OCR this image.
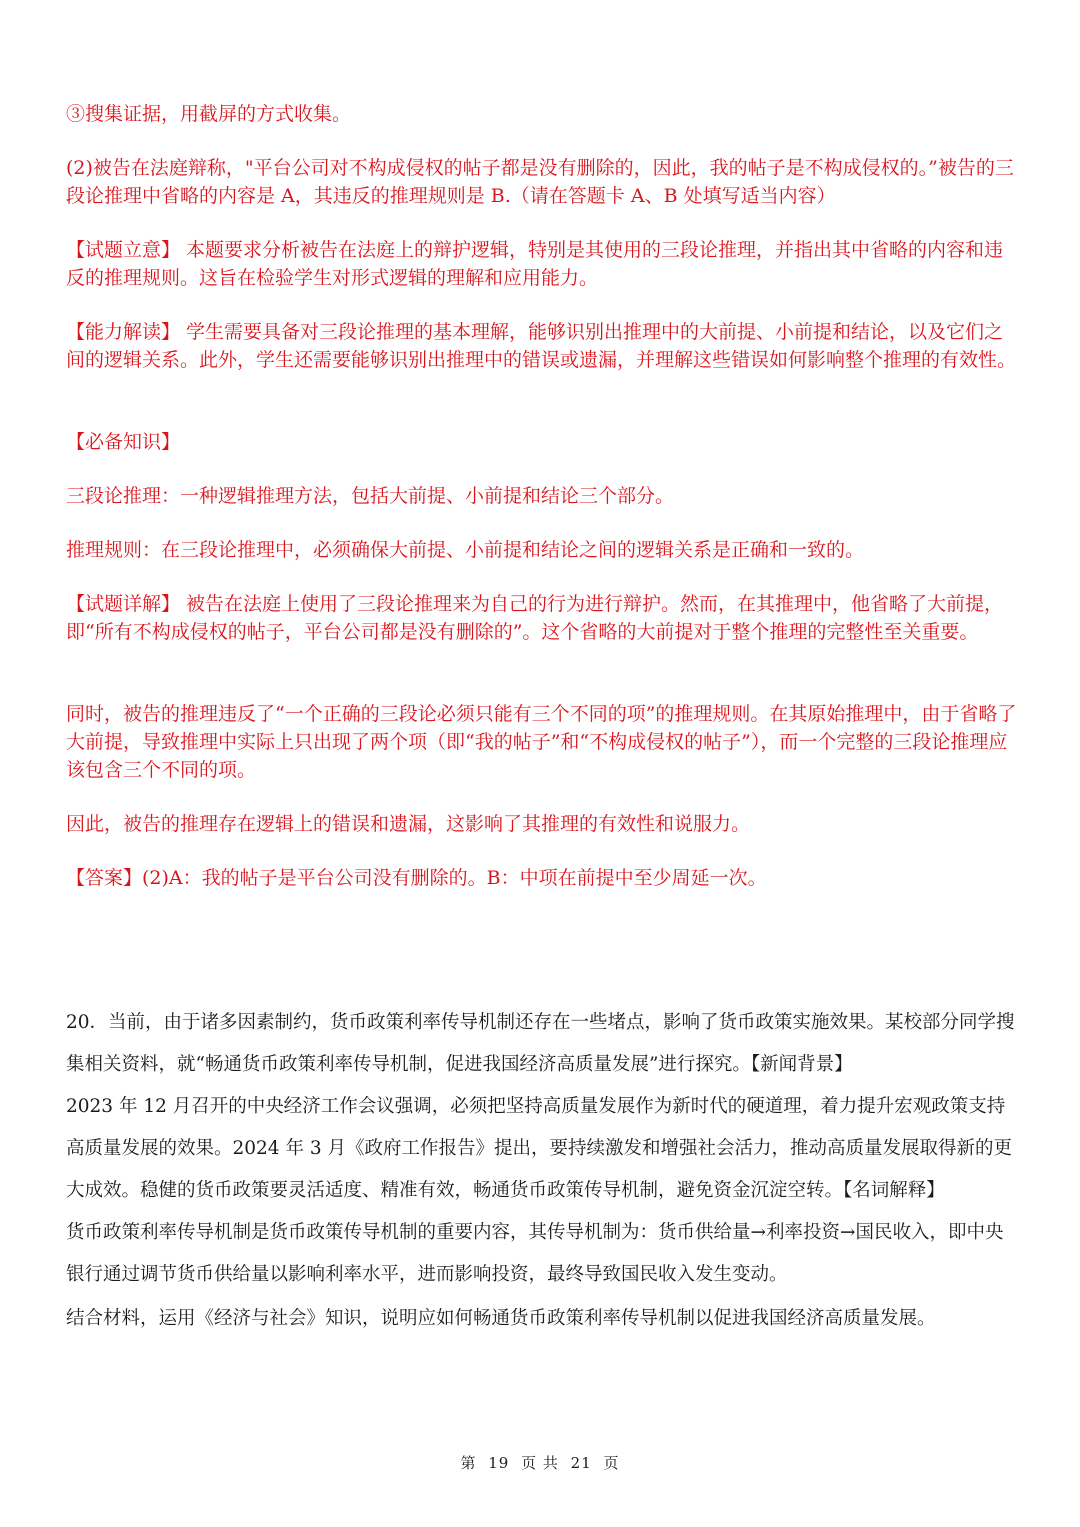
③搜集证据，用截屏的方式收集。

(2)被告在法庭辩称，"平台公司对不构成侵权的帖子都是没有删除的，因此，我的帖子是不构成侵权的。”被告的三段论推理中省略的内容是 A，其违反的推理规则是 B.（请在答题卡 A、B 处填写适当内容）

【试题立意】 本题要求分析被告在法庭上的辩护逻辑，特别是其使用的三段论推理，并指出其中省略的内容和违反的推理规则。这旨在检验学生对形式逻辑的理解和应用能力。

【能力解读】 学生需要具备对三段论推理的基本理解，能够识别出推理中的大前提、小前提和结论，以及它们之间的逻辑关系。此外，学生还需要能够识别出推理中的错误或遗漏，并理解这些错误如何影响整个推理的有效性。

【必备知识】

三段论推理：一种逻辑推理方法，包括大前提、小前提和结论三个部分。

推理规则：在三段论推理中，必须确保大前提、小前提和结论之间的逻辑关系是正确和一致的。

【试题详解】 被告在法庭上使用了三段论推理来为自己的行为进行辩护。然而，在其推理中，他省略了大前提，即“所有不构成侵权的帖子，平台公司都是没有删除的”。这个省略的大前提对于整个推理的完整性至关重要。

同时，被告的推理违反了“一个正确的三段论必须只能有三个不同的项”的推理规则。在其原始推理中，由于省略了大前提，导致推理中实际上只出现了两个项（即“我的帖子”和“不构成侵权的帖子”），而一个完整的三段论推理应该包含三个不同的项。

因此，被告的推理存在逻辑上的错误和遗漏，这影响了其推理的有效性和说服力。

【答案】(2)A：我的帖子是平台公司没有删除的。B：中项在前提中至少周延一次。

20．当前，由于诸多因素制约，货币政策利率传导机制还存在一些堵点，影响了货币政策实施效果。某校部分同学搜集相关资料，就“畅通货币政策利率传导机制，促进我国经济高质量发展”进行探究。【新闻背景】

2023 年 12 月召开的中央经济工作会议强调，必须把坚持高质量发展作为新时代的硬道理，着力提升宏观政策支持高质量发展的效果。2024 年 3 月《政府工作报告》提出，要持续激发和增强社会活力，推动高质量发展取得新的更大成效。稳健的货币政策要灵活适度、精准有效，畅通货币政策传导机制，避免资金沉淀空转。【名词解释】

货币政策利率传导机制是货币政策传导机制的重要内容，其传导机制为：货币供给量→利率投资→国民收入，即中央银行通过调节货币供给量以影响利率水平，进而影响投资，最终导致国民收入发生变动。

结合材料，运用《经济与社会》知识，说明应如何畅通货币政策利率传导机制以促进我国经济高质量发展。

第 19 页 共 21 页
